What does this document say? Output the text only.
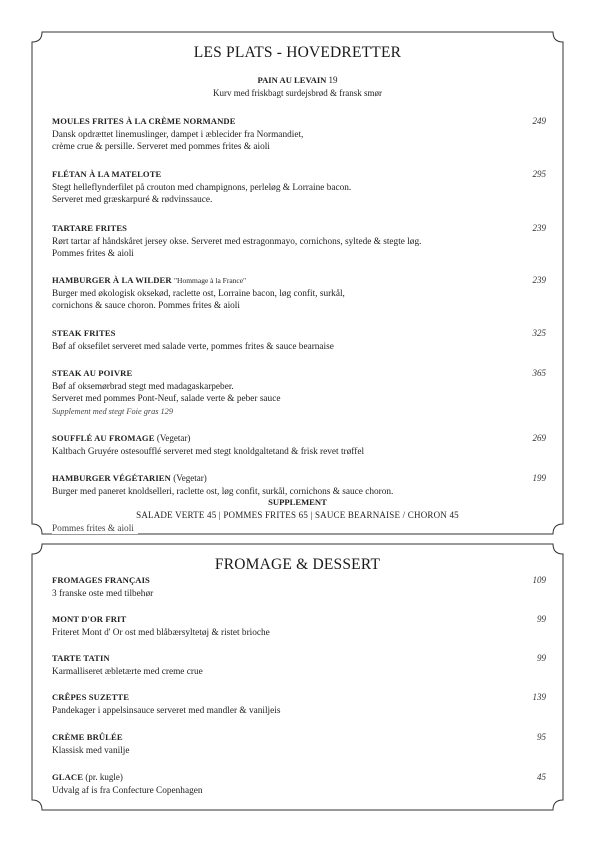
LES PLATS - HOVEDRETTER
PAIN AU LEVAIN 19
Kurv med friskbagt surdejsbrød & fransk smør
MOULES FRITES À LA CRÈME NORMANDE	249
Dansk opdrættet linemuslinger, dampet i æblecider fra Normandiet,
crème crue & persille. Serveret med pommes frites & aioli
FLÉTAN À LA MATELOTE	295
Stegt helleflynderfilet på crouton med champignons, perleløg & Lorraine bacon.
Serveret med græskarpuré & rødvinssauce.
TARTARE FRITES	239
Rørt tartar af håndskåret jersey okse. Serveret med estragonmayo, cornichons, syltede & stegte løg.
Pommes frites & aioli
HAMBURGER À LA WILDER "Hommage à la France"	239
Burger med økologisk oksekød, raclette ost, Lorraine bacon, løg confit, surkål,
cornichons & sauce choron. Pommes frites & aioli
STEAK FRITES	325
Bøf af oksefilet serveret med salade verte, pommes frites & sauce bearnaise
STEAK AU POIVRE	365
Bøf af oksemørbrad stegt med madagaskarpeber.
Serveret med pommes Pont-Neuf, salade verte & peber sauce
Supplement med stegt Foie gras 129
SOUFFLÉ AU FROMAGE (Vegetar)	269
Kaltbach Gruyére ostesoufflé serveret med stegt knoldgaltetand & frisk revet trøffel
HAMBURGER VÉGÉTARIEN (Vegetar)	199
Burger med paneret knoldselleri, raclette ost, løg confit, surkål, cornichons & sauce choron.
SUPPLEMENT
SALADE VERTE 45 | POMMES FRITES 65 | SAUCE BEARNAISE / CHORON 45
Pommes frites & aioli
FROMAGE & DESSERT
FROMAGES FRANÇAIS	109
3 franske oste med tilbehør
MONT D'OR FRIT	99
Friteret Mont d' Or ost med blåbærsyltetøj & ristet brioche
TARTE TATIN	99
Karmalliseret æbletærte med creme crue
CRÊPES SUZETTE	139
Pandekager i appelsinsauce serveret med mandler & vaniljeis
CRÈME BRÛLÉE	95
Klassisk med vanilje
GLACE (pr. kugle)	45
Udvalg af is fra Confecture Copenhagen
